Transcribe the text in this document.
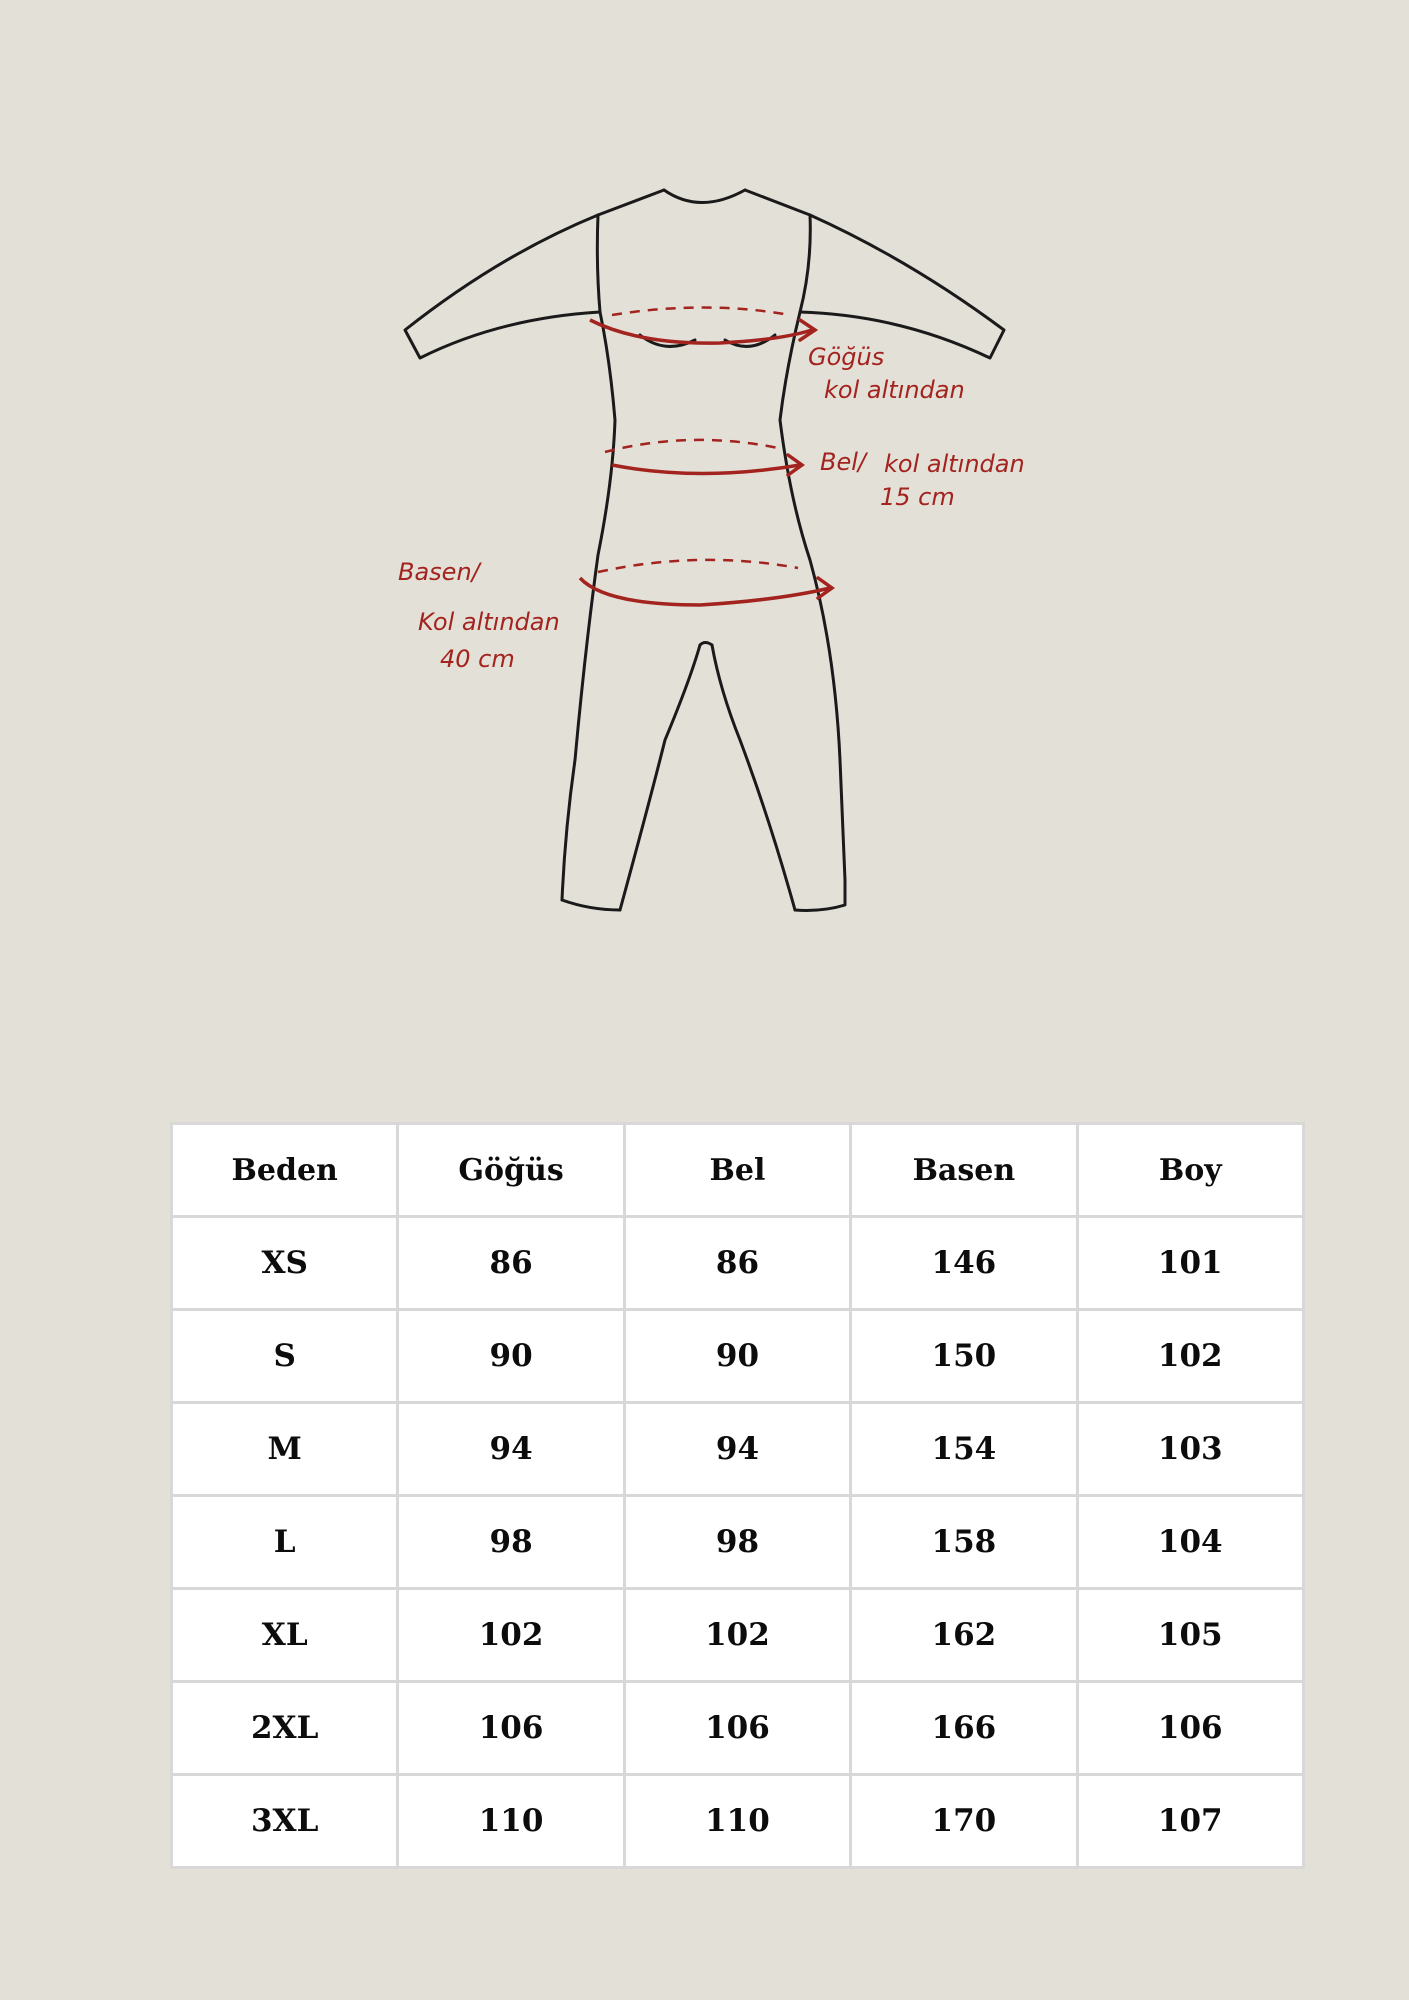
Göğüs
kol altından
Bel/ kol altından
15 cm
Basen/
Kol altından
40 cm
Beden	Göğüs	Bel	Basen	Boy
XS	86	86	146	101
S	90	90	150	102
M	94	94	154	103
L	98	98	158	104
XL	102	102	162	105
2XL	106	106	166	106
3XL	110	110	170	107
